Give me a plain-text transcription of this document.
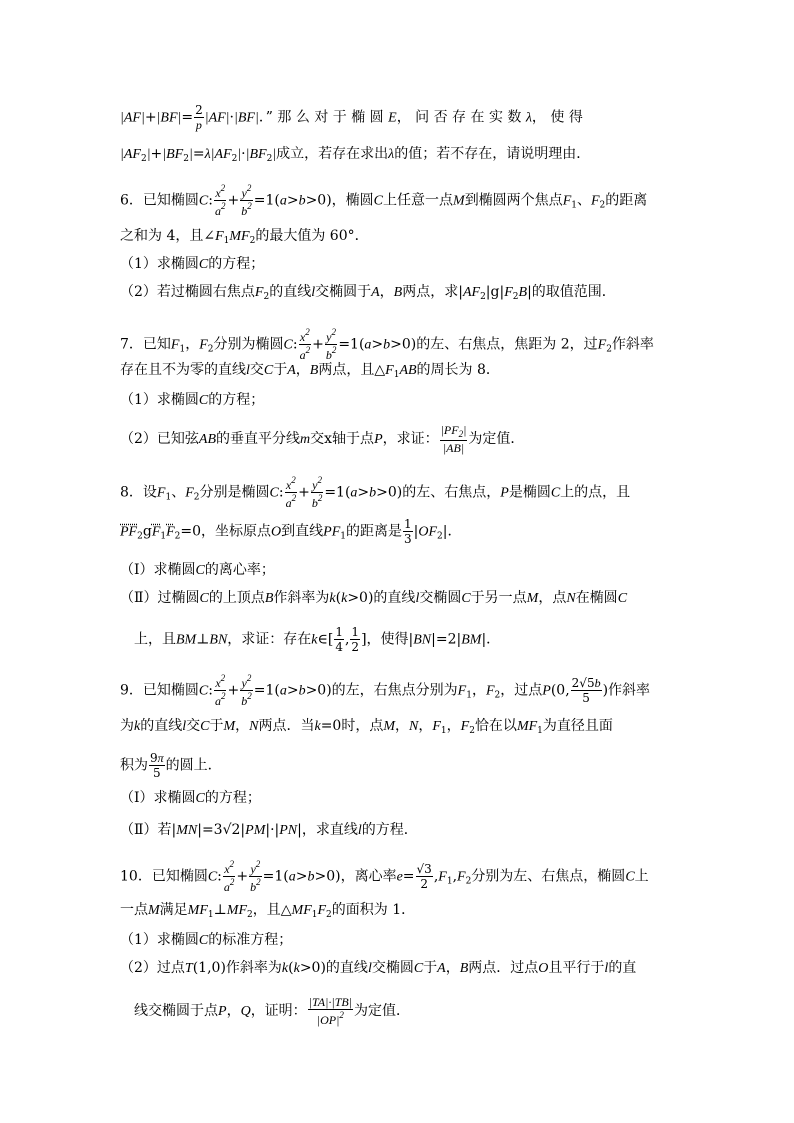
$|AF|+|BF|= \frac{2}{p} |AF|\cdot|BF|$．” 那 么 对 于 椭 圆 E， 问 否 存 在 实 数 λ， 使 得
$|AF_2|+|BF_2|=\lambda|AF_2|\cdot|BF_2|$成立，若存在求出λ的值；若不存在，请说明理由．
6．已知椭圆C: $\frac{x^2}{a^2} + \frac{y^2}{b^2} =1(a>b>0)$，椭圆C上任意一点M到椭圆两个焦点$F_1$、$F_2$的距离
之和为 4，且$\angle F_1MF_2$的最大值为 60°．
（1）求椭圆C的方程；
（2）若过椭圆右焦点$F_2$的直线l交椭圆于A，B两点，求$|AF_2|g|F_2B|$的取值范围．
7．已知$F_1$，$F_2$分别为椭圆C: $\frac{x^2}{a^2} + \frac{y^2}{b^2} =1(a>b>0)$的左、右焦点，焦距为 2，过$F_2$作斜率
存在且不为零的直线l交C于A，B两点，且$\triangle F_1AB$的周长为 8．
（1）求椭圆C的方程；
（2）已知弦AB的垂直平分线m交x轴于点P，求证： $\frac{|PF_2|}{|AB|}$ 为定值．
8．设$F_1$、$F_2$分别是椭圆C: $\frac{x^2}{a^2} + \frac{y^2}{b^2} =1(a>b>0)$的左、右焦点，P是椭圆C上的点，且
$PF_2gF_1F_2=0$，坐标原点O到直线$PF_1$的距离是 $\frac{1}{3} |OF_2|$．
（Ⅰ）求椭圆C的离心率；
（Ⅱ）过椭圆C的上顶点B作斜率为k(k>0)的直线l交椭圆C于另一点M，点N在椭圆C
上，且BM⊥BN，求证：存在k∈[ $\frac{1}{4}$ , $\frac{1}{2}$ ]，使得|BN|=2|BM|．
9．已知椭圆C: $\frac{x^2}{a^2} + \frac{y^2}{b^2} =1(a>b>0)$的左，右焦点分别为$F_1$，$F_2$，过点P(0, $\frac{2√5b}{5}$ )作斜率
为k的直线l交C于M，N两点．当k=0时，点M，N，$F_1$，$F_2$恰在以$MF_1$为直径且面
积为 $\frac{9\pi}{5}$ 的圆上．
（Ⅰ）求椭圆C的方程；
（Ⅱ）若|MN|=3√2|PM|·|PN|，求直线l的方程．
10．已知椭圆C: $\frac{x^2}{a^2} + \frac{y^2}{b^2} =1(a>b>0)$，离心率$e= \frac{√3}{2} ,F_1,F_2$分别为左、右焦点，椭圆C上
一点M满足$MF_1\perp MF_2$，且$\triangle MF_1F_2$的面积为 1．
（1）求椭圆C的标准方程；
（2）过点T(1,0)作斜率为k(k>0)的直线l交椭圆C于A，B两点．过点O且平行于l的直
线交椭圆于点P，Q，证明： $\frac{|TA|\cdot|TB|}{|OP|^2}$ 为定值．
